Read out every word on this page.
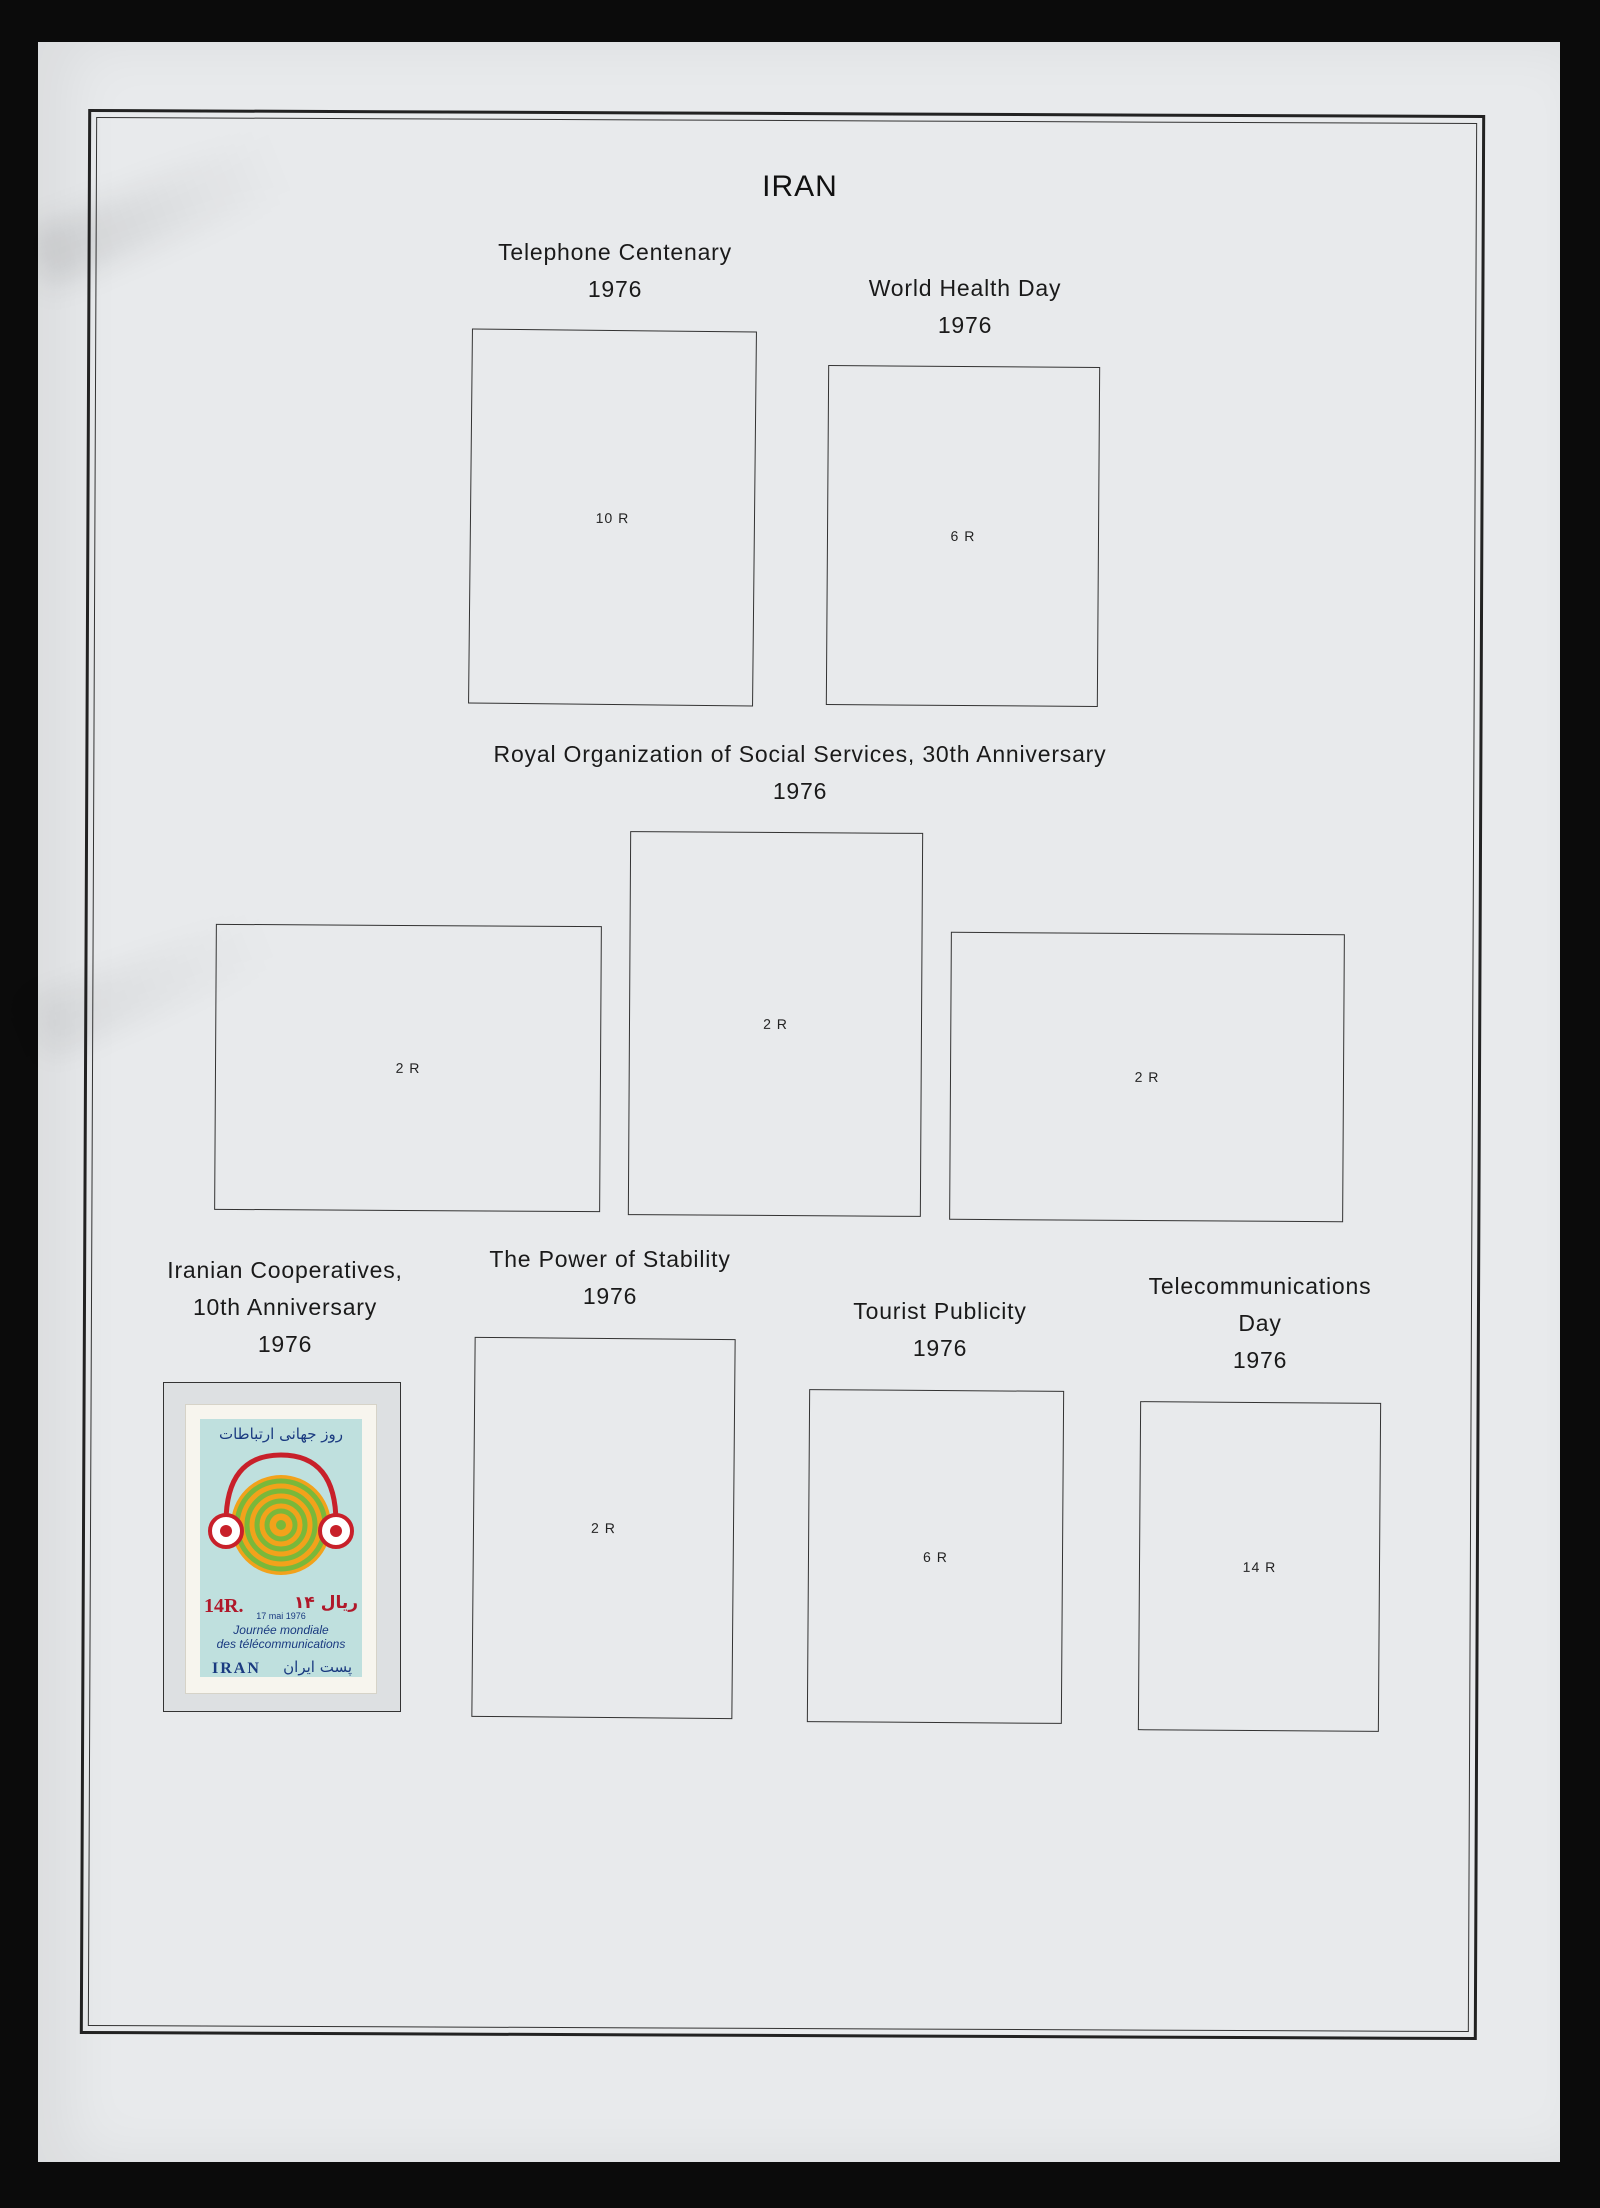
IRAN
Telephone Centenary
1976
10 R
World Health Day
1976
6 R
Royal Organization of Social Services, 30th Anniversary
1976
2 R
2 R
2 R
Iranian Cooperatives,
10th Anniversary
1976
روز جهانی ارتباطات
14R.	۱۴ ریال
17 mai 1976
Journée mondiale
des télécommunications
IRAN پست ایران
The Power of Stability
1976
2 R
Tourist Publicity
1976
6 R
Telecommunications
Day
1976
14 R
